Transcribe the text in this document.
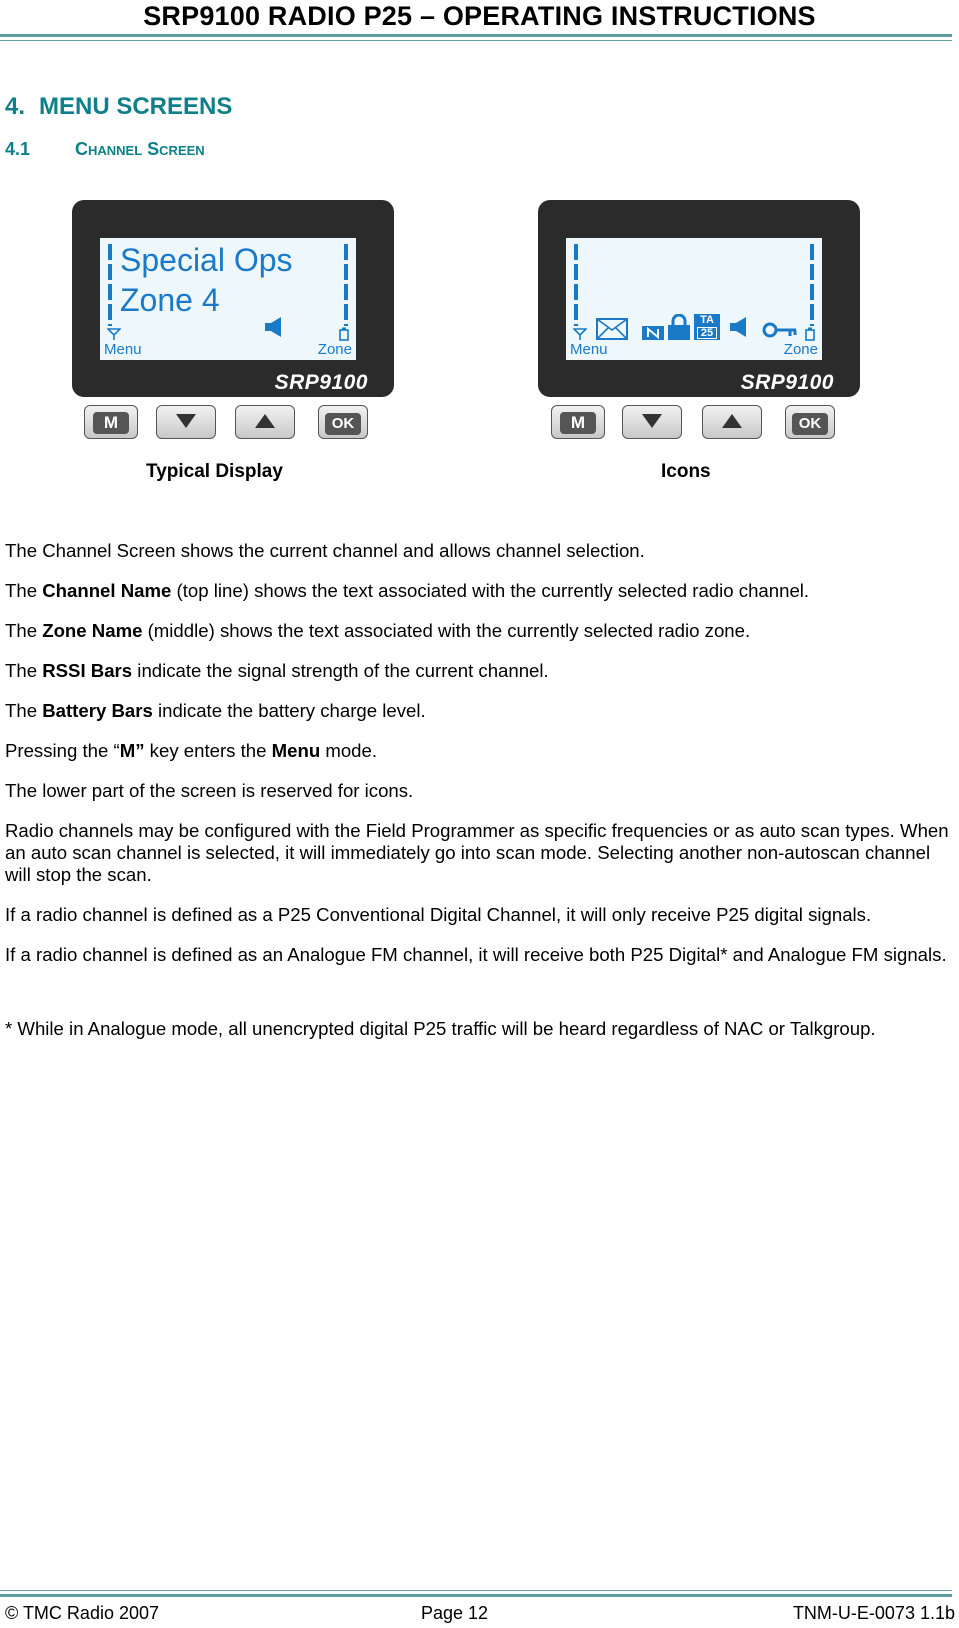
SRP9100 RADIO P25 – OPERATING INSTRUCTIONS
4. MENU SCREENS
4.1 Channel Screen
Special Ops
Zone 4
Menu	Zone
SRP9100
M	OK
Typical Display
TA
25
Menu	Zone
SRP9100
M	OK
Icons

The Channel Screen shows the current channel and allows channel selection.

The Channel Name (top line) shows the text associated with the currently selected radio channel.

The Zone Name (middle) shows the text associated with the currently selected radio zone.

The RSSI Bars indicate the signal strength of the current channel.

The Battery Bars indicate the battery charge level.

Pressing the “M” key enters the Menu mode.

The lower part of the screen is reserved for icons.

Radio channels may be configured with the Field Programmer as specific frequencies or as auto scan types. When an auto scan channel is selected, it will immediately go into scan mode. Selecting another non-autoscan channel will stop the scan.

If a radio channel is defined as a P25 Conventional Digital Channel, it will only receive P25 digital signals.

If a radio channel is defined as an Analogue FM channel, it will receive both P25 Digital* and Analogue FM signals.

* While in Analogue mode, all unencrypted digital P25 traffic will be heard regardless of NAC or Talkgroup.

© TMC Radio 2007	Page 12	TNM-U-E-0073 1.1b
